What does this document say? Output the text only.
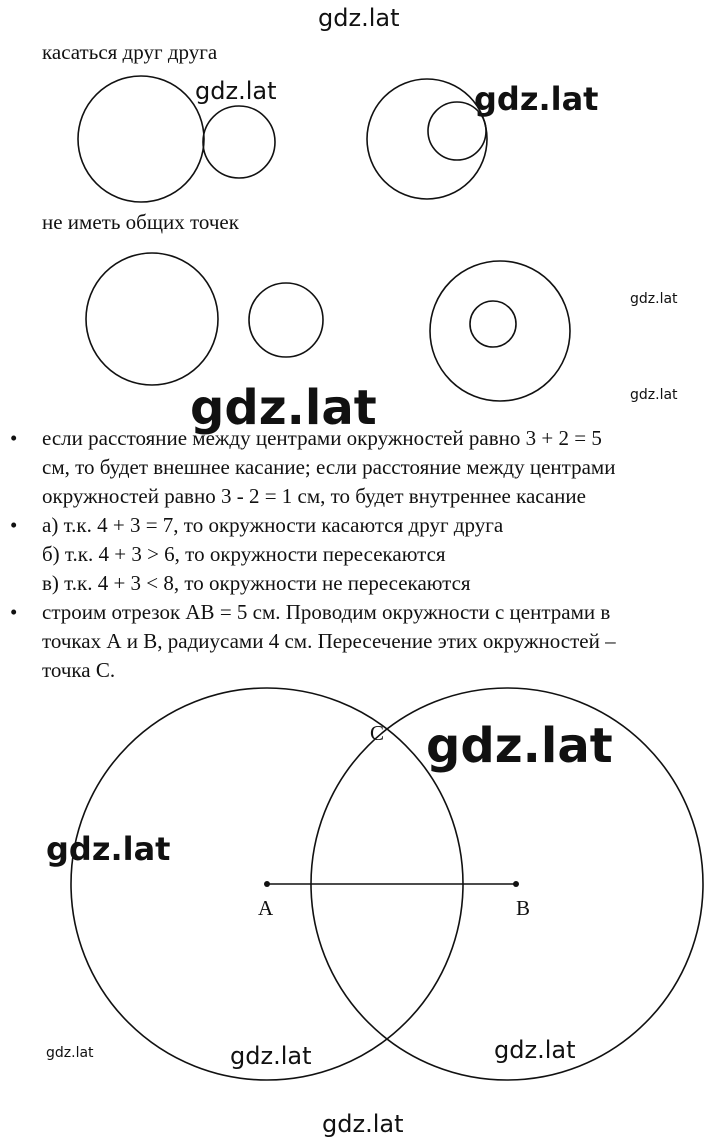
gdz.lat
касаться друг друга
не иметь общих точек
A	B
C
gdz.lat	gdz.lat
gdz.lat
gdz.lat
gdz.lat
•	если расстояние между центрами окружностей равно 3 + 2 = 5
см, то будет внешнее касание; если расстояние между центрами
окружностей равно 3 - 2 = 1 см, то будет внутреннее касание
•	а) т.к. 4 + 3 = 7, то окружности касаются друг друга
б) т.к. 4 + 3 > 6, то окружности пересекаются
в) т.к. 4 + 3 < 8, то окружности не пересекаются
•	строим отрезок АВ = 5 см. Проводим окружности с центрами в
точках А и В, радиусами 4 см. Пересечение этих окружностей –
точка С.
gdz.lat
gdz.lat
gdz.lat	gdz.lat	gdz.lat
gdz.lat
